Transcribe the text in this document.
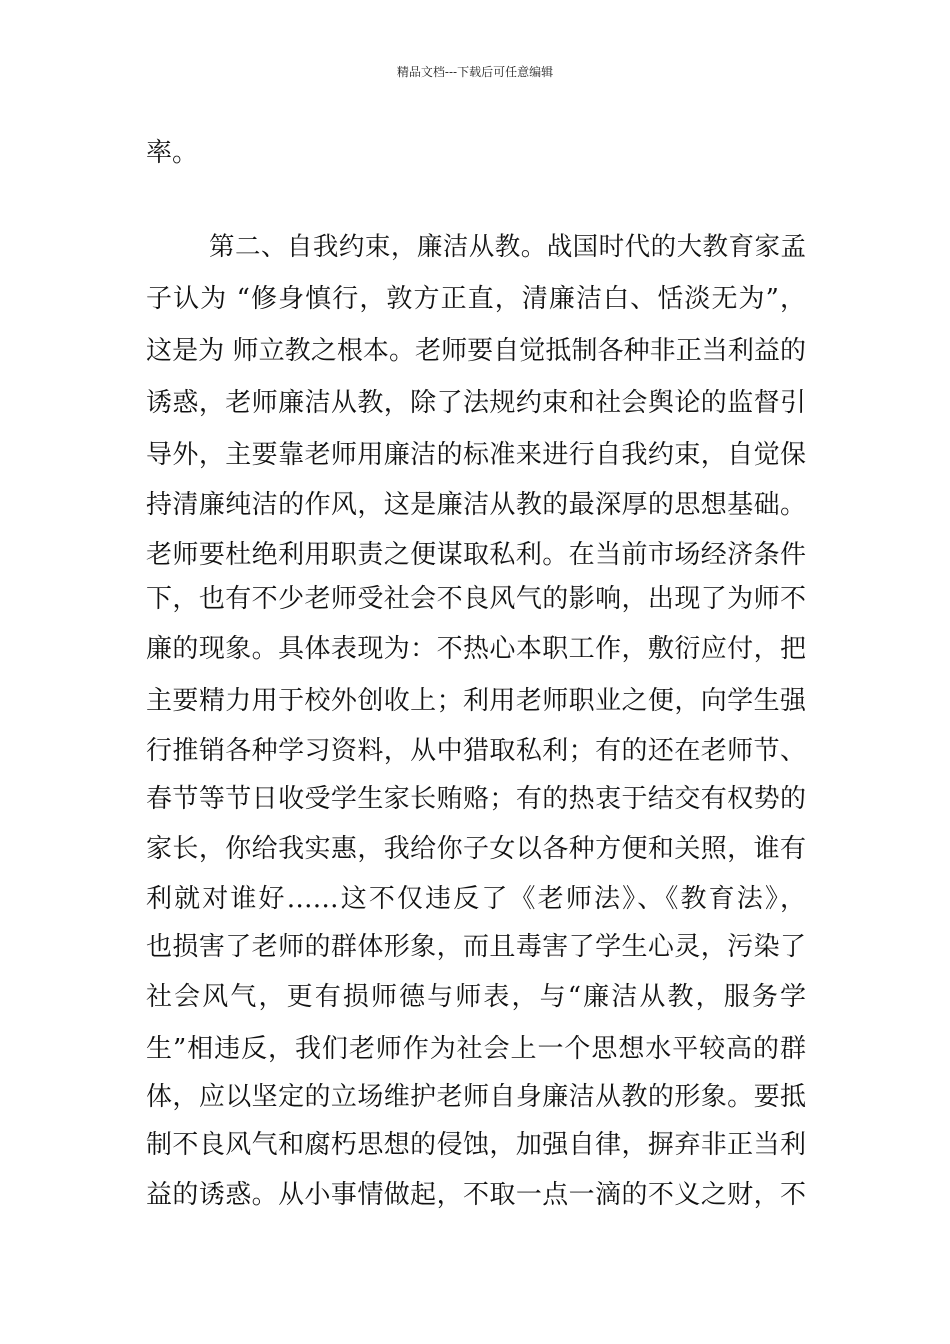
精品文档---下载后可任意编辑
率。
第二、自我约束，廉洁从教。战国时代的大教育家孟
子认为 “修身慎行，敦方正直，清廉洁白、恬淡无为”，
这是为 师立教之根本。老师要自觉抵制各种非正当利益的
诱惑，老师廉洁从教，除了法规约束和社会舆论的监督引
导外，主要靠老师用廉洁的标准来进行自我约束，自觉保
持清廉纯洁的作风，这是廉洁从教的最深厚的思想基础。
老师要杜绝利用职责之便谋取私利。在当前市场经济条件
下，也有不少老师受社会不良风气的影响，出现了为师不
廉的现象。具体表现为：不热心本职工作，敷衍应付，把
主要精力用于校外创收上；利用老师职业之便，向学生强
行推销各种学习资料，从中猎取私利；有的还在老师节、
春节等节日收受学生家长贿赂；有的热衷于结交有权势的
家长，你给我实惠，我给你子女以各种方便和关照，谁有
利就对谁好……这不仅违反了《老师法》、《教育法》，
也损害了老师的群体形象，而且毒害了学生心灵，污染了
社会风气，更有损师德与师表，与“廉洁从教，服务学
生”相违反，我们老师作为社会上一个思想水平较高的群
体，应以坚定的立场维护老师自身廉洁从教的形象。要抵
制不良风气和腐朽思想的侵蚀，加强自律，摒弃非正当利
益的诱惑。从小事情做起，不取一点一滴的不义之财，不
